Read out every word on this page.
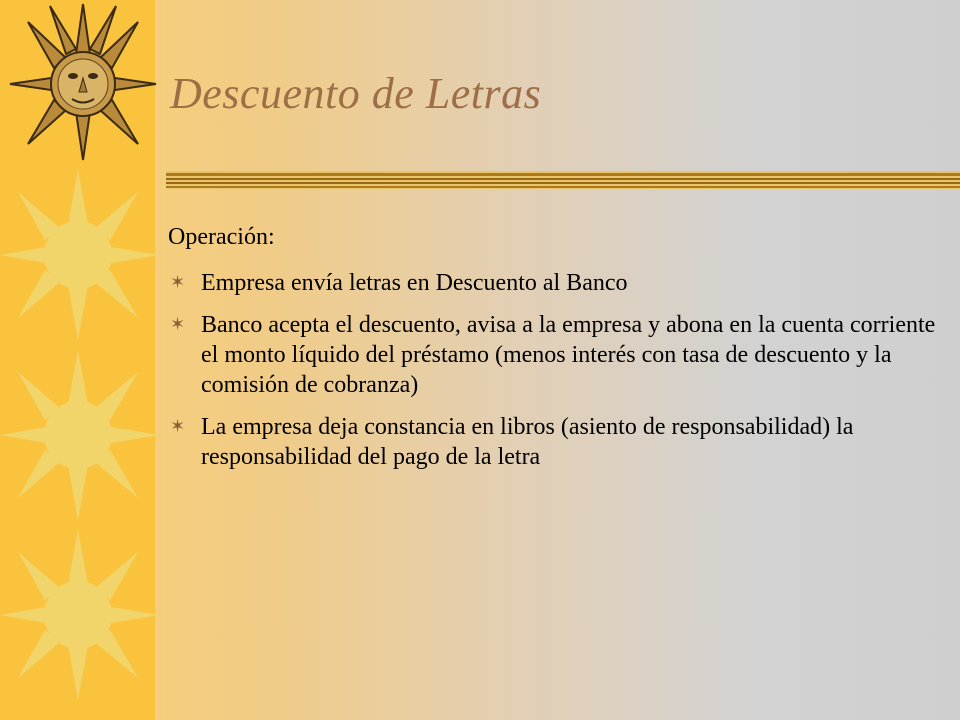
Descuento de Letras

Operación:

✶ Empresa envía letras en Descuento al Banco
✶ Banco acepta el descuento, avisa a la empresa y abona en la cuenta corriente el monto líquido del préstamo (menos interés con tasa de descuento y la comisión de cobranza)
✶ La empresa deja constancia en libros (asiento de responsabilidad) la responsabilidad del pago de la letra
